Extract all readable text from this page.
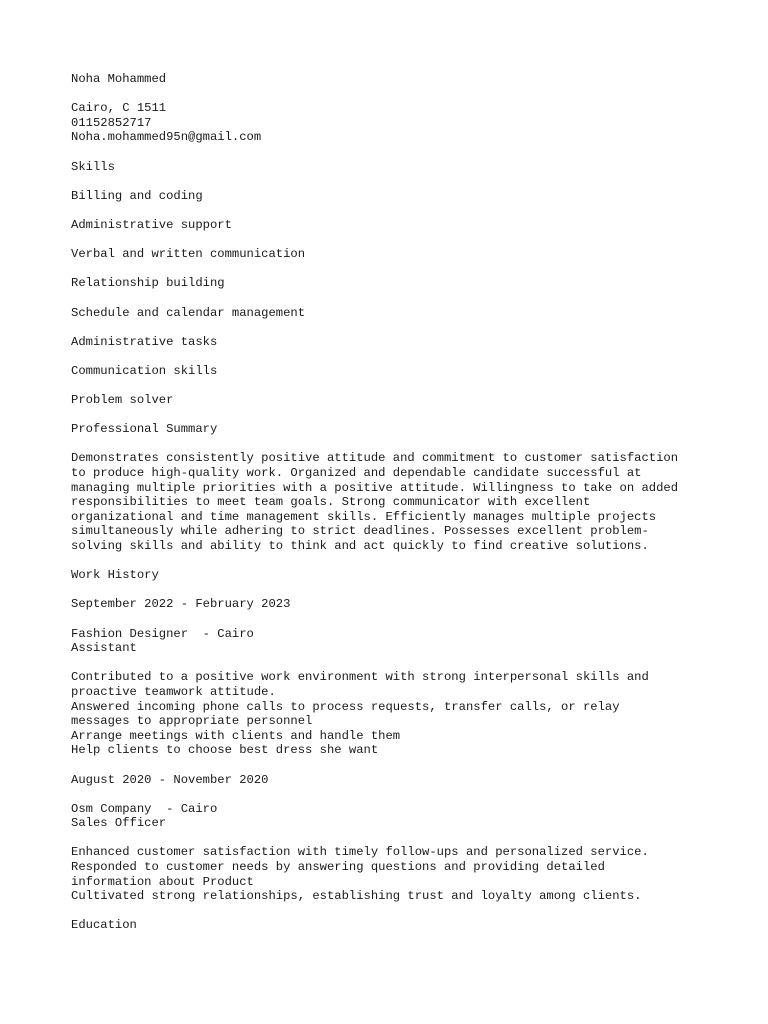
Noha Mohammed
Cairo, C 1511
01152852717
Noha.mohammed95n@gmail.com
Skills
Billing and coding
Administrative support
Verbal and written communication
Relationship building
Schedule and calendar management
Administrative tasks
Communication skills
Problem solver
Professional Summary
Demonstrates consistently positive attitude and commitment to customer satisfaction
to produce high-quality work. Organized and dependable candidate successful at
managing multiple priorities with a positive attitude. Willingness to take on added
responsibilities to meet team goals. Strong communicator with excellent
organizational and time management skills. Efficiently manages multiple projects
simultaneously while adhering to strict deadlines. Possesses excellent problem-
solving skills and ability to think and act quickly to find creative solutions.
Work History
September 2022 - February 2023
Fashion Designer  - Cairo
Assistant
Contributed to a positive work environment with strong interpersonal skills and
proactive teamwork attitude.
Answered incoming phone calls to process requests, transfer calls, or relay
messages to appropriate personnel
Arrange meetings with clients and handle them
Help clients to choose best dress she want
August 2020 - November 2020
Osm Company  - Cairo
Sales Officer
Enhanced customer satisfaction with timely follow-ups and personalized service.
Responded to customer needs by answering questions and providing detailed
information about Product
Cultivated strong relationships, establishing trust and loyalty among clients.
Education
